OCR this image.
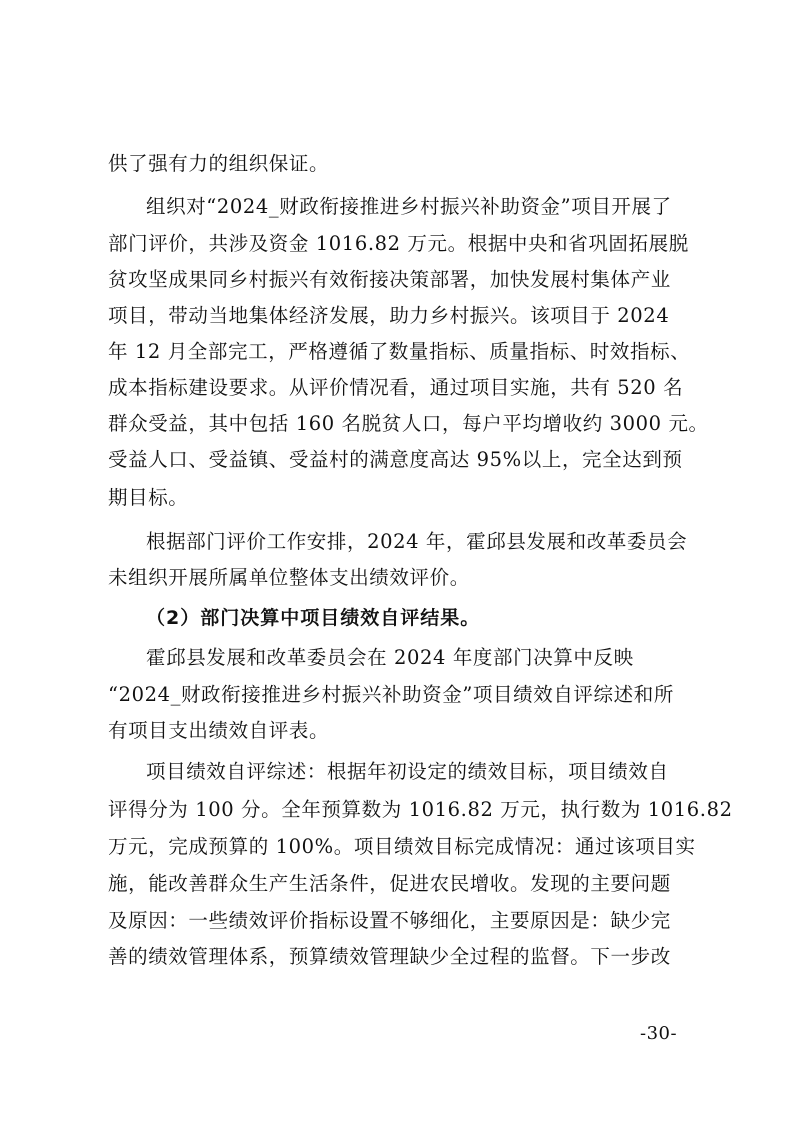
供了强有力的组织保证。
组织对“2024_财政衔接推进乡村振兴补助资金”项目开展了
部门评价，共涉及资金 1016.82 万元。根据中央和省巩固拓展脱
贫攻坚成果同乡村振兴有效衔接决策部署，加快发展村集体产业
项目，带动当地集体经济发展，助力乡村振兴。该项目于 2024
年 12 月全部完工，严格遵循了数量指标、质量指标、时效指标、
成本指标建设要求。从评价情况看，通过项目实施，共有 520 名
群众受益，其中包括 160 名脱贫人口，每户平均增收约 3000 元。
受益人口、受益镇、受益村的满意度高达 95%以上，完全达到预
期目标。
根据部门评价工作安排，2024 年，霍邱县发展和改革委员会
未组织开展所属单位整体支出绩效评价。
（2）部门决算中项目绩效自评结果。
霍邱县发展和改革委员会在 2024 年度部门决算中反映
“2024_财政衔接推进乡村振兴补助资金”项目绩效自评综述和所
有项目支出绩效自评表。
项目绩效自评综述：根据年初设定的绩效目标，项目绩效自
评得分为 100 分。全年预算数为 1016.82 万元，执行数为 1016.82
万元，完成预算的 100%。项目绩效目标完成情况：通过该项目实
施，能改善群众生产生活条件，促进农民增收。发现的主要问题
及原因：一些绩效评价指标设置不够细化，主要原因是：缺少完
善的绩效管理体系，预算绩效管理缺少全过程的监督。下一步改
-30-
